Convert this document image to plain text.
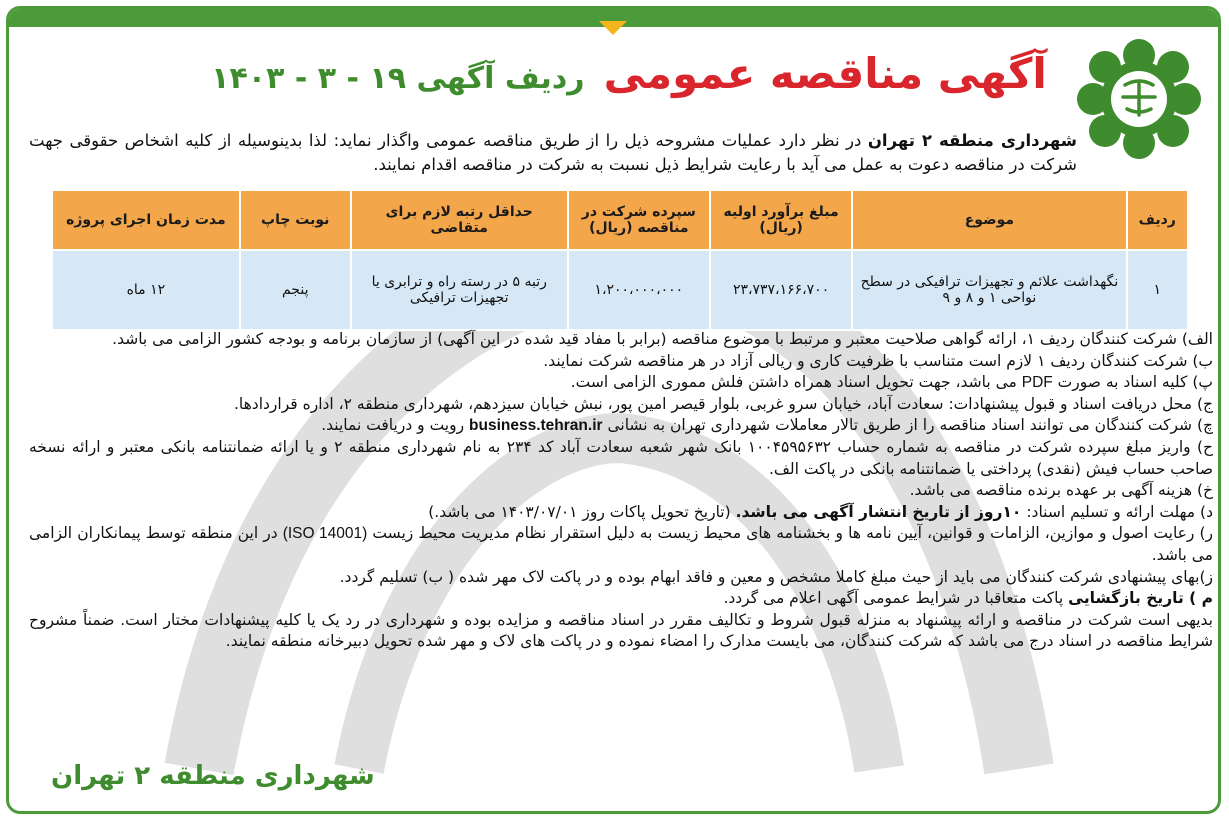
آگهی مناقصه عمومی ردیف آگهی ۱۹ - ۳ - ۱۴۰۳
شهرداری منطقه ۲ تهران در نظر دارد عملیات مشروحه ذیل را از طریق مناقصه عمومی واگذار نماید: لذا بدینوسیله از کلیه اشخاص حقوقی جهت شرکت در مناقصه دعوت به عمل می آید با رعایت شرایط ذیل نسبت به شرکت در مناقصه اقدام نمایند.
ردیف	موضوع	مبلغ برآورد اولیه (ریال)	سپرده شرکت در مناقصه (ریال)	حداقل رتبه لازم برای متقاضی	نوبت چاپ	مدت زمان اجرای پروژه
۱	نگهداشت علائم و تجهیزات ترافیکی در سطح نواحی ۱ و ۸ و ۹	۲۳،۷۳۷،۱۶۶،۷۰۰	۱،۲۰۰،۰۰۰،۰۰۰	رتبه ۵ در رسته راه و ترابری یا تجهیزات ترافیکی	پنجم	۱۲ ماه

الف) شرکت کنندگان ردیف ۱، ارائه گواهی صلاحیت معتبر و مرتبط با موضوع مناقصه (برابر با مفاد قید شده در این آگهی) از سازمان برنامه و بودجه کشور الزامی می باشد.

ب) شرکت کنندگان ردیف ۱ لازم است متناسب با ظرفیت کاری و ریالی آزاد در هر مناقصه شرکت نمایند.

پ) کلیه اسناد به صورت PDF می باشد، جهت تحویل اسناد همراه داشتن فلش مموری الزامی است.

ج) محل دریافت اسناد و قبول پیشنهادات: سعادت آباد، خیابان سرو غربی، بلوار قیصر امین پور، نبش خیابان سیزدهم، شهرداری منطقه ۲، اداره قراردادها.

چ) شرکت کنندگان می توانند اسناد مناقصه را از طریق تالار معاملات شهرداری تهران به نشانی business.tehran.ir رویت و دریافت نمایند.

ح) واریز مبلغ سپرده شرکت در مناقصه به شماره حساب ۱۰۰۴۵۹۵۶۳۲ بانک شهر شعبه سعادت آباد کد ۲۳۴ به نام شهرداری منطقه ۲ و یا ارائه ضمانتنامه بانکی معتبر و ارائه نسخه صاحب حساب فیش (نقدی) پرداختی یا ضمانتنامه بانکی در پاکت الف.

خ) هزینه آگهی بر عهده برنده مناقصه می باشد.

د) مهلت ارائه و تسلیم اسناد: ۱۰روز از تاریخ انتشار آگهی می باشد. (تاریخ تحویل پاکات روز ۱۴۰۳/۰۷/۰۱ می باشد.)

ر) رعایت اصول و موازین، الزامات و قوانین، آیین نامه ها و بخشنامه های محیط زیست به دلیل استقرار نظام مدیریت محیط زیست (ISO 14001) در این منطقه توسط پیمانکاران الزامی می باشد.

ز)بهای پیشنهادی شرکت کنندگان می باید از حیث مبلغ کاملا مشخص و معین و فاقد ابهام بوده و در پاکت لاک مهر شده ( ب) تسلیم گردد.

م ) تاریخ بازگشایی پاکت متعاقبا در شرایط عمومی آگهی اعلام می گردد.

بدیهی است شرکت در مناقصه و ارائه پیشنهاد به منزله قبول شروط و تکالیف مقرر در اسناد مناقصه و مزایده بوده و شهرداری در رد یک یا کلیه پیشنهادات مختار است. ضمناً مشروح شرایط مناقصه در اسناد درج می باشد که شرکت کنندگان، می بایست مدارک را امضاء نموده و در پاکت های لاک و مهر شده تحویل دبیرخانه منطقه نمایند.

شهرداری منطقه ۲ تهران
